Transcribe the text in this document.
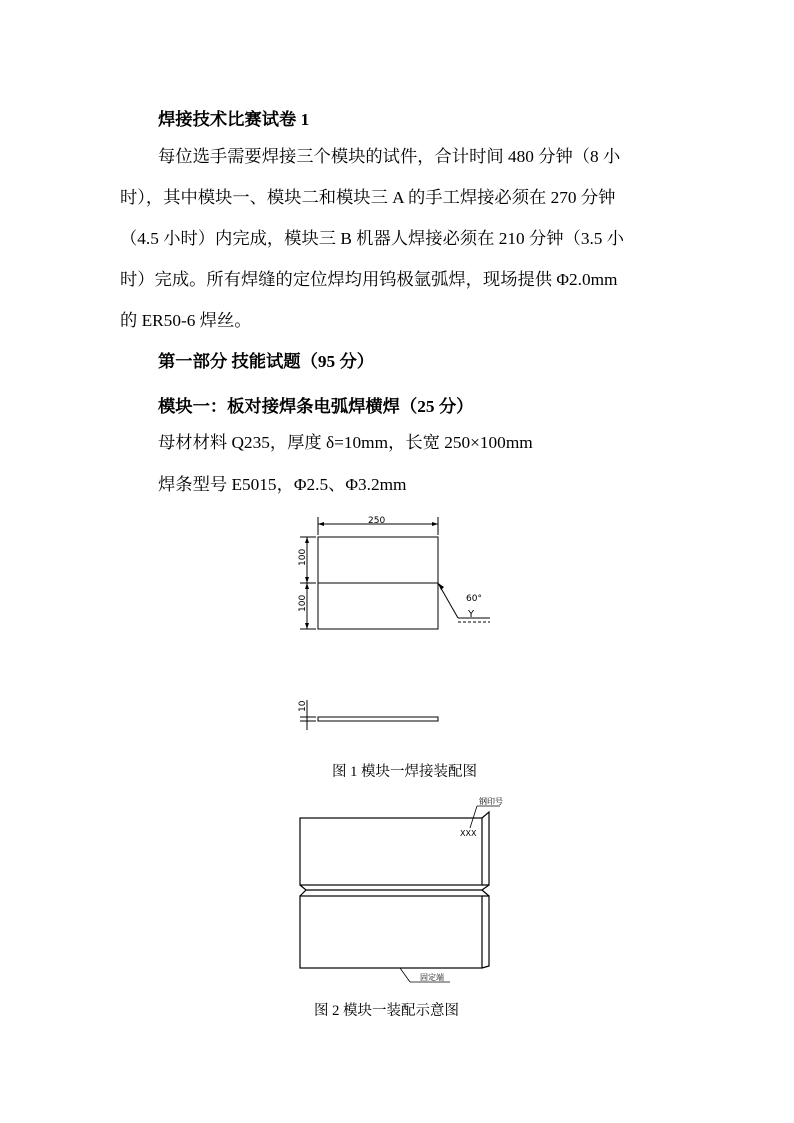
焊接技术比赛试卷 1
每位选手需要焊接三个模块的试件，合计时间 480 分钟（8 小
时），其中模块一、模块二和模块三 A 的手工焊接必须在 270 分钟
（4.5 小时）内完成，模块三 B 机器人焊接必须在 210 分钟（3.5 小
时）完成。所有焊缝的定位焊均用钨极氩弧焊，现场提供 Φ2.0mm
的 ER50-6 焊丝。
第一部分 技能试题（95 分）
模块一：板对接焊条电弧焊横焊（25 分）
母材材料 Q235，厚度 δ=10mm，长宽 250×100mm
焊条型号 E5015，Φ2.5、Φ3.2mm
250
100
100	60°
Y
10
图 1 模块一焊接装配图
钢印号
XXX
固定端
图 2 模块一装配示意图
